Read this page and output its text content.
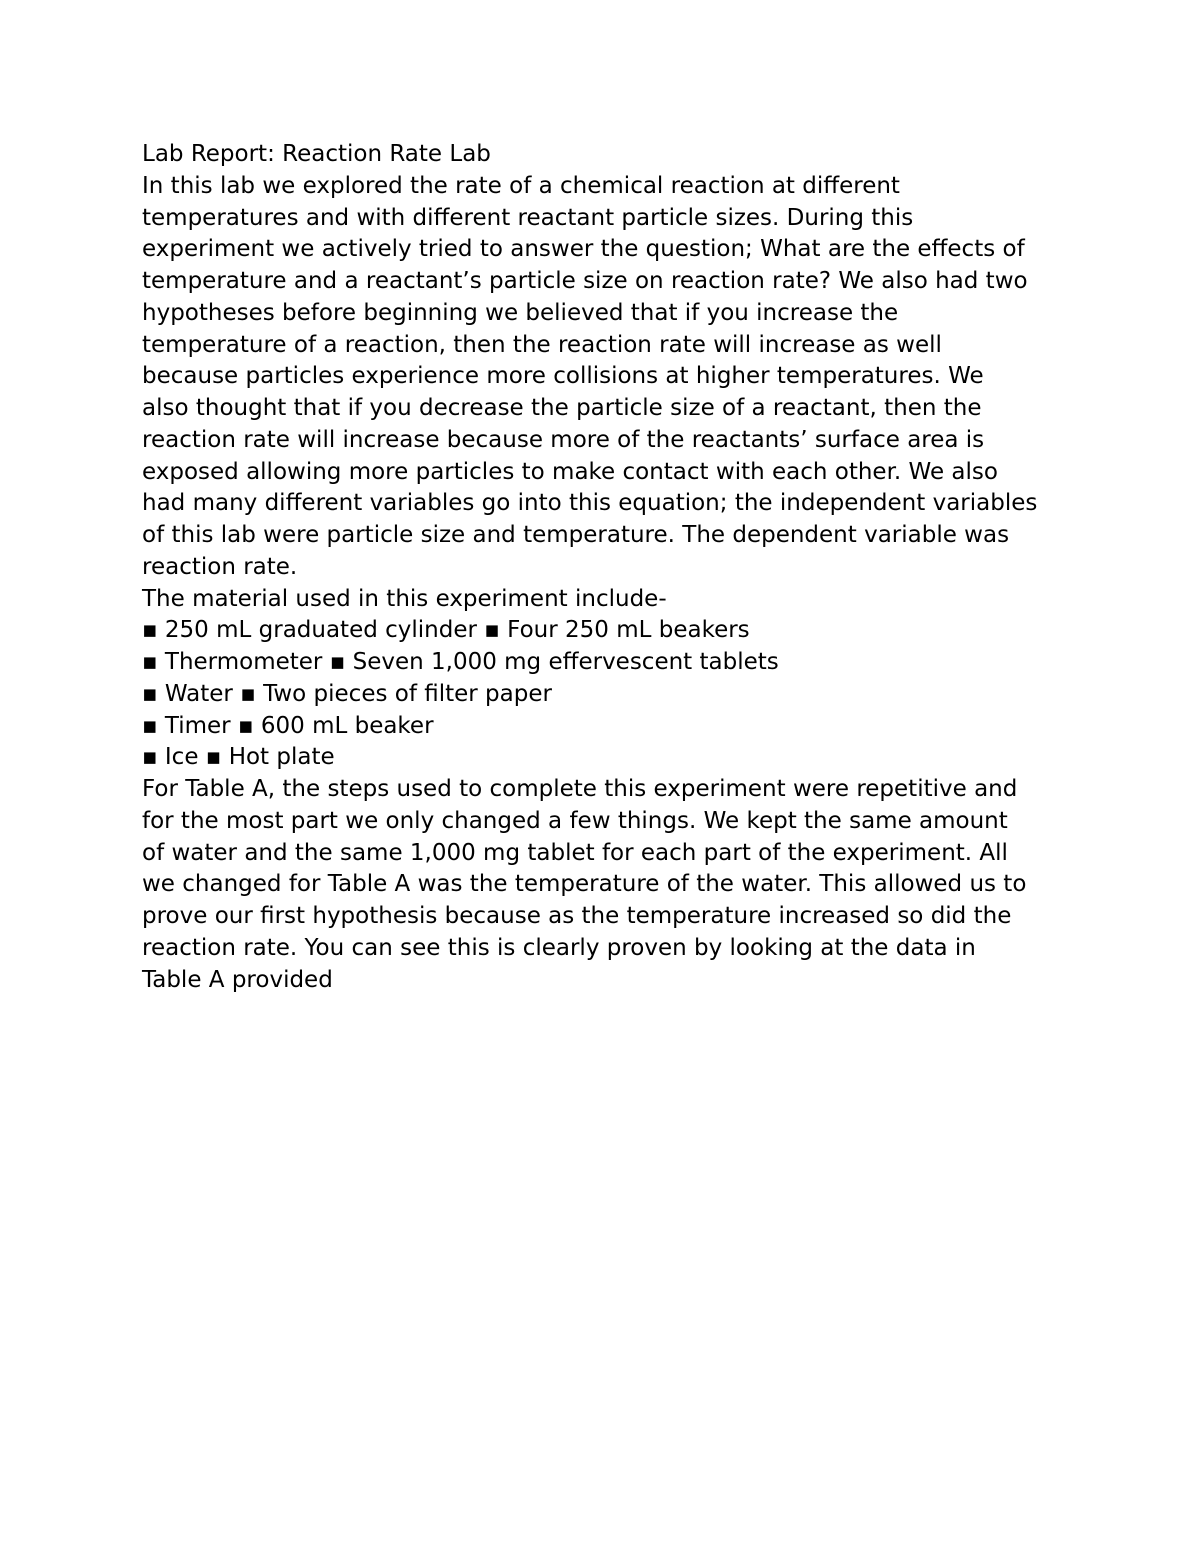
Lab Report: Reaction Rate Lab
In this lab we explored the rate of a chemical reaction at different
temperatures and with different reactant particle sizes. During this
experiment we actively tried to answer the question; What are the effects of
temperature and a reactant’s particle size on reaction rate? We also had two
hypotheses before beginning we believed that if you increase the
temperature of a reaction, then the reaction rate will increase as well
because particles experience more collisions at higher temperatures. We
also thought that if you decrease the particle size of a reactant, then the
reaction rate will increase because more of the reactants’ surface area is
exposed allowing more particles to make contact with each other. We also
had many different variables go into this equation; the independent variables
of this lab were particle size and temperature. The dependent variable was
reaction rate.
The material used in this experiment include-
▪ 250 mL graduated cylinder ▪ Four 250 mL beakers
▪ Thermometer ▪ Seven 1,000 mg effervescent tablets
▪ Water ▪ Two pieces of filter paper
▪ Timer ▪ 600 mL beaker
▪ Ice ▪ Hot plate
For Table A, the steps used to complete this experiment were repetitive and
for the most part we only changed a few things. We kept the same amount
of water and the same 1,000 mg tablet for each part of the experiment. All
we changed for Table A was the temperature of the water. This allowed us to
prove our first hypothesis because as the temperature increased so did the
reaction rate. You can see this is clearly proven by looking at the data in
Table A provided
